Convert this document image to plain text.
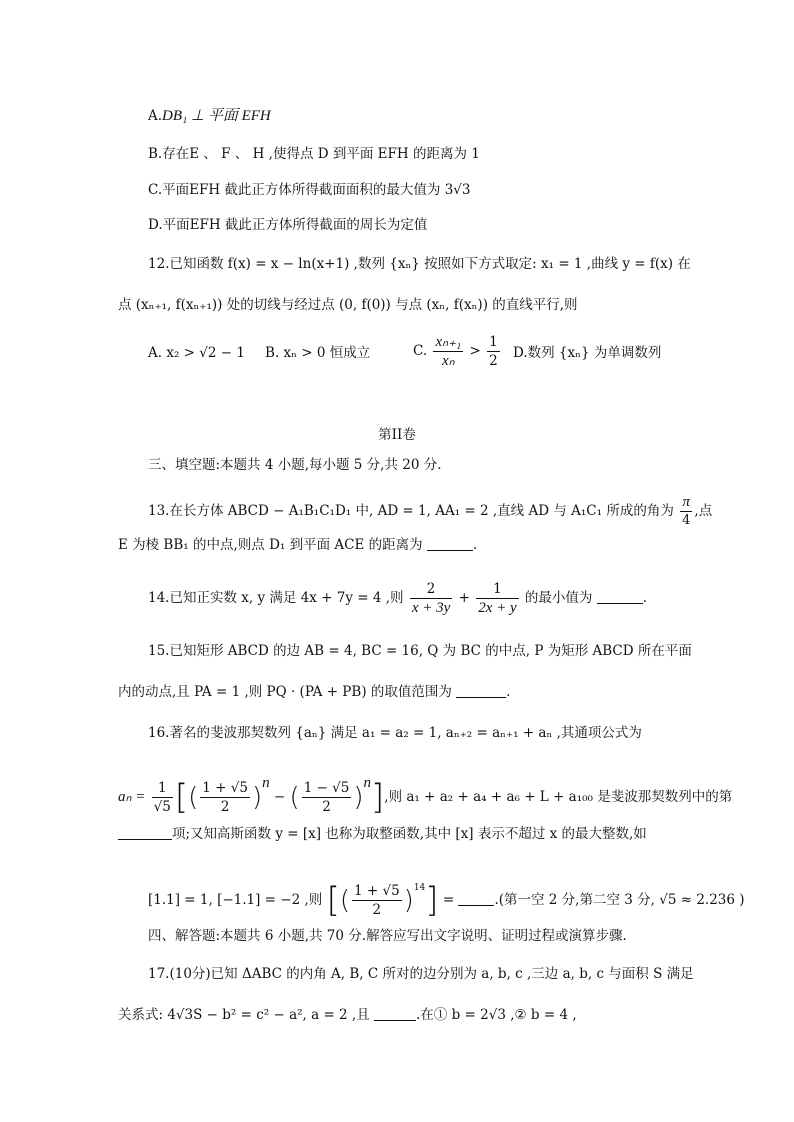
A.DB₁ ⊥ 平面 EFH
B.存在E 、 F 、 H ,使得点 D 到平面 EFH 的距离为 1
C.平面EFH 截此正方体所得截面面积的最大值为 3√3
D.平面EFH 截此正方体所得截面的周长为定值
12.已知函数 f(x) = x − ln(x+1) ,数列 {xₙ} 按照如下方式取定: x₁ = 1 ,曲线 y = f(x) 在
点 (xₙ₊₁, f(xₙ₊₁)) 处的切线与经过点 (0, f(0)) 与点 (xₙ, f(xₙ)) 的直线平行,则
A. x₂ > √2 − 1 B. xₙ > 0 恒成立	C. $\frac{\text{xₙ₊₁}}{\text{xₙ}} > \frac{1}{2} D$.数列 {xₙ} 为单调数列
第II卷
三、填空题:本题共 4 小题,每小题 5 分,共 20 分.
13.在长方体 ABCD − A₁B₁C₁D₁ 中, AD = 1, AA₁ = 2 ,直线 AD 与 A₁C₁ 所成的角为 $\frac{\pi}{4}$ ,点
E 为棱 BB₁ 的中点,则点 D₁ 到平面 ACE 的距离为	.
14.已知正实数 x, y 满足 4x + 7y = 4 ,则 $\frac{2}{x + 3y} + \frac{1}{2x + y}$ 的最小值为	.
15.已知矩形 ABCD 的边 AB = 4, BC = 16, Q 为 BC 的中点, P 为矩形 ABCD 所在平面
内的动点,且 PA = 1 ,则 PQ · (PA + PB) 的取值范围为	.
16.著名的斐波那契数列 {aₙ} 满足 a₁ = a₂ = 1, aₙ₊₂ = aₙ₊₁ + aₙ ,其通项公式为
$a_n = \frac{1}{√5}$ [( $\frac{1 + √5}{2} )^n$ − ( $\frac{1 - √5}{2} )^n$],则 a₁ + a₂ + a₄ + a₆ + L + a₁₀₀ 是斐波那契数列中的第
项;又知高斯函数 y = [x] 也称为取整函数,其中 [x] 表示不超过 x 的最大整数,如
[1.1] = 1, [−1.1] = −2 ,则 [( $\frac{1 + √5}{2} )^{14}$] =	.(第一空 2 分,第二空 3 分, √5 ≈ 2.236 )
四、解答题:本题共 6 小题,共 70 分.解答应写出文字说明、证明过程或演算步骤.
17.(10分)已知 ΔABC 的内角 A, B, C 所对的边分别为 a, b, c ,三边 a, b, c 与面积 S 满足
关系式: 4√3S − b² = c² − a², a = 2 ,且	.在① b = 2√3 ,② b = 4 ,
